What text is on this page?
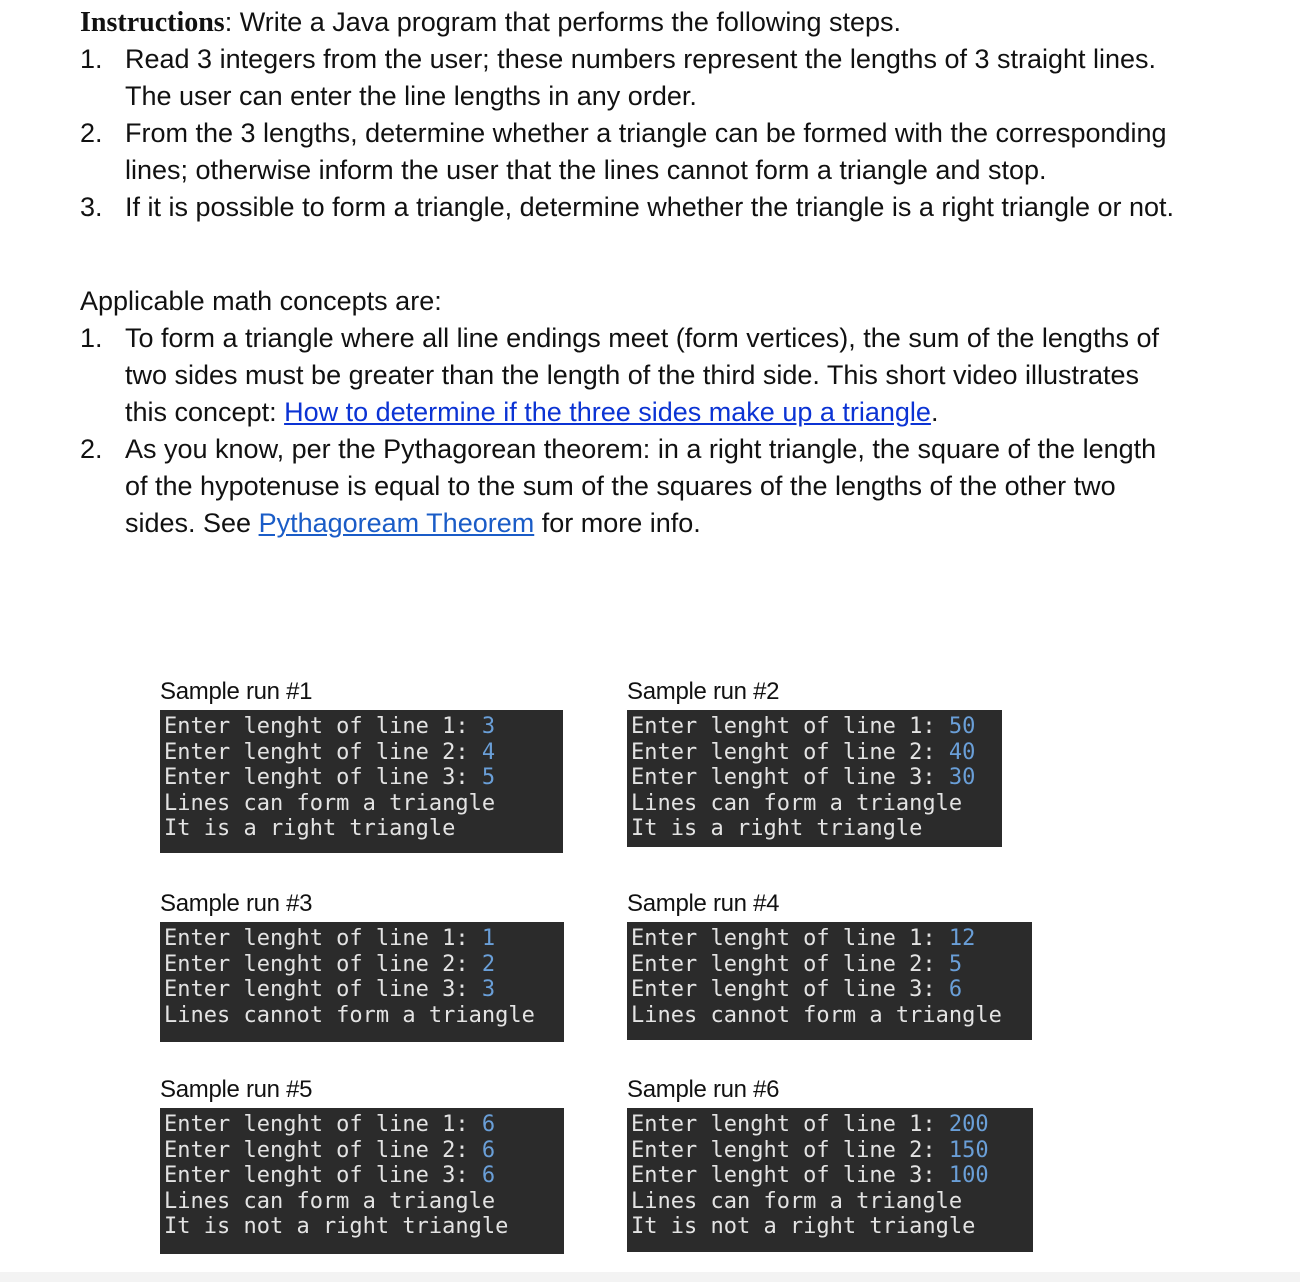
Instructions: Write a Java program that performs the following steps.

1. Read 3 integers from the user; these numbers represent the lengths of 3 straight lines. The user can enter the line lengths in any order.
2. From the 3 lengths, determine whether a triangle can be formed with the corresponding lines; otherwise inform the user that the lines cannot form a triangle and stop.
3. If it is possible to form a triangle, determine whether the triangle is a right triangle or not.

Applicable math concepts are:

1. To form a triangle where all line endings meet (form vertices), the sum of the lengths of two sides must be greater than the length of the third side. This short video illustrates this concept: How to determine if the three sides make up a triangle.
2. As you know, per the Pythagorean theorem: in a right triangle, the square of the length of the hypotenuse is equal to the sum of the squares of the lengths of the other two sides. See Pythagoream Theorem for more info.
Sample run #1
Enter lenght of line 1: 3
Enter lenght of line 2: 4
Enter lenght of line 3: 5
Lines can form a triangle
It is a right triangle
Sample run #2
Enter lenght of line 1: 50
Enter lenght of line 2: 40
Enter lenght of line 3: 30
Lines can form a triangle
It is a right triangle
Sample run #3
Enter lenght of line 1: 1
Enter lenght of line 2: 2
Enter lenght of line 3: 3
Lines cannot form a triangle
Sample run #4
Enter lenght of line 1: 12
Enter lenght of line 2: 5
Enter lenght of line 3: 6
Lines cannot form a triangle
Sample run #5
Enter lenght of line 1: 6
Enter lenght of line 2: 6
Enter lenght of line 3: 6
Lines can form a triangle
It is not a right triangle
Sample run #6
Enter lenght of line 1: 200
Enter lenght of line 2: 150
Enter lenght of line 3: 100
Lines can form a triangle
It is not a right triangle
